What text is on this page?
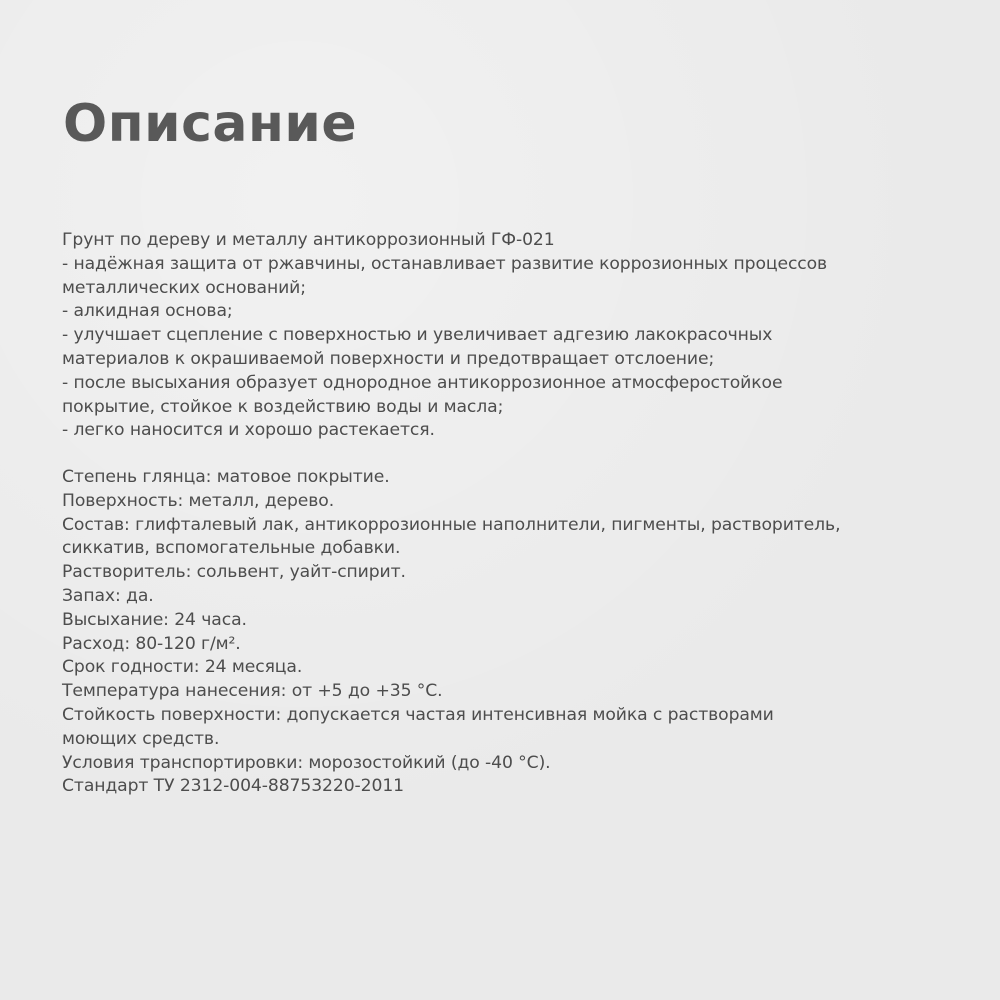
Описание
Грунт по дереву и металлу антикоррозионный ГФ-021
- надёжная защита от ржавчины, останавливает развитие коррозионных процессов
металлических оснований;
- алкидная основа;
- улучшает сцепление с поверхностью и увеличивает адгезию лакокрасочных
материалов к окрашиваемой поверхности и предотвращает отслоение;
- после высыхания образует однородное антикоррозионное атмосферостойкое
покрытие, стойкое к воздействию воды и масла;
- легко наносится и хорошо растекается.
Степень глянца: матовое покрытие.
Поверхность: металл, дерево.
Состав: глифталевый лак, антикоррозионные наполнители, пигменты, растворитель,
сиккатив, вспомогательные добавки.
Растворитель: сольвент, уайт-спирит.
Запах: да.
Высыхание: 24 часа.
Расход: 80-120 г/м².
Срок годности: 24 месяца.
Температура нанесения: от +5 до +35 °С.
Стойкость поверхности: допускается частая интенсивная мойка с растворами
моющих средств.
Условия транспортировки: морозостойкий (до -40 °С).
Стандарт ТУ 2312-004-88753220-2011
